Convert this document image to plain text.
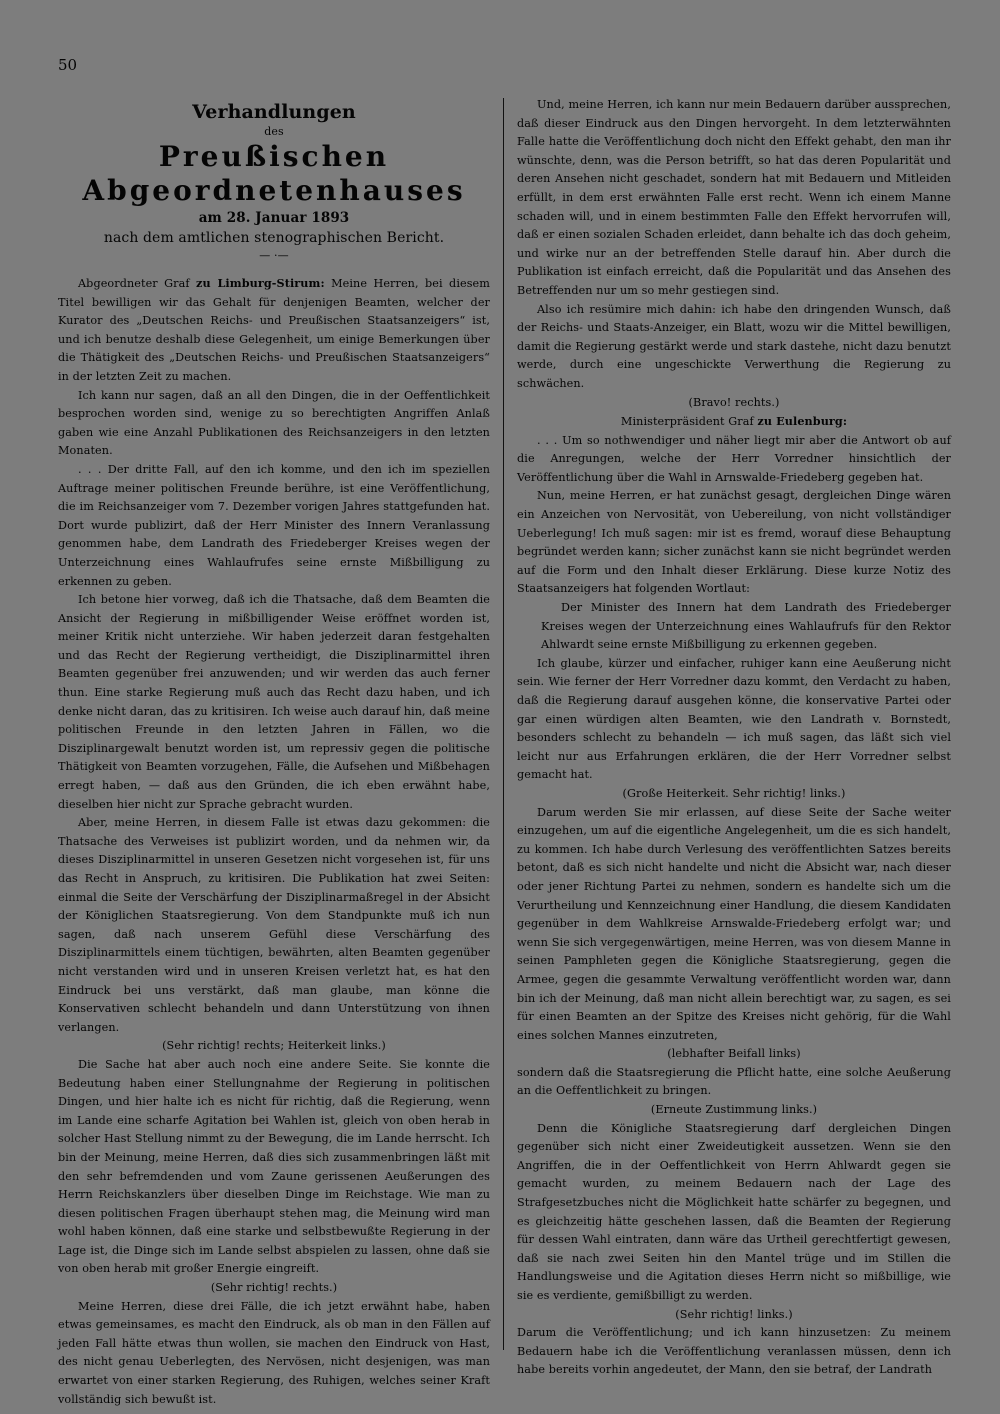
50
Verhandlungen
des
Preußischen Abgeordnetenhauses
am 28. Januar 1893
nach dem amtlichen stenographischen Bericht.
— ·—

Abgeordneter Graf zu Limburg-Stirum: Meine Herren, bei diesem Titel bewilligen wir das Gehalt für denjenigen Beamten, welcher der Kurator des „Deutschen Reichs- und Preußischen Staatsanzeigers“ ist, und ich benutze deshalb diese Gelegenheit, um einige Bemerkungen über die Thätigkeit des „Deutschen Reichs- und Preußischen Staatsanzeigers“ in der letzten Zeit zu machen.

Ich kann nur sagen, daß an all den Dingen, die in der Oeffentlichkeit besprochen worden sind, wenige zu so berechtigten Angriffen Anlaß gaben wie eine Anzahl Publikationen des Reichsanzeigers in den letzten Monaten.

. . . Der dritte Fall, auf den ich komme, und den ich im speziellen Auftrage meiner politischen Freunde berühre, ist eine Veröffentlichung, die im Reichsanzeiger vom 7. Dezember vorigen Jahres stattgefunden hat. Dort wurde publizirt, daß der Herr Minister des Innern Veranlassung genommen habe, dem Landrath des Friedeberger Kreises wegen der Unterzeichnung eines Wahlaufrufes seine ernste Mißbilligung zu erkennen zu geben.

Ich betone hier vorweg, daß ich die Thatsache, daß dem Beamten die Ansicht der Regierung in mißbilligender Weise eröffnet worden ist, meiner Kritik nicht unterziehe. Wir haben jederzeit daran festgehalten und das Recht der Regierung vertheidigt, die Disziplinarmittel ihren Beamten gegenüber frei anzuwenden; und wir werden das auch ferner thun. Eine starke Regierung muß auch das Recht dazu haben, und ich denke nicht daran, das zu kritisiren. Ich weise auch darauf hin, daß meine politischen Freunde in den letzten Jahren in Fällen, wo die Disziplinargewalt benutzt worden ist, um repressiv gegen die politische Thätigkeit von Beamten vorzugehen, Fälle, die Aufsehen und Mißbehagen erregt haben, — daß aus den Gründen, die ich eben erwähnt habe, dieselben hier nicht zur Sprache gebracht wurden.

Aber, meine Herren, in diesem Falle ist etwas dazu gekommen: die Thatsache des Verweises ist publizirt worden, und da nehmen wir, da dieses Disziplinarmittel in unseren Gesetzen nicht vorgesehen ist, für uns das Recht in Anspruch, zu kritisiren. Die Publikation hat zwei Seiten: einmal die Seite der Verschärfung der Disziplinarmaßregel in der Absicht der Königlichen Staatsregierung. Von dem Standpunkte muß ich nun sagen, daß nach unserem Gefühl diese Verschärfung des Disziplinarmittels einem tüchtigen, bewährten, alten Beamten gegenüber nicht verstanden wird und in unseren Kreisen verletzt hat, es hat den Eindruck bei uns verstärkt, daß man glaube, man könne die Konservativen schlecht behandeln und dann Unterstützung von ihnen verlangen.

(Sehr richtig! rechts; Heiterkeit links.)

Die Sache hat aber auch noch eine andere Seite. Sie konnte die Bedeutung haben einer Stellungnahme der Regierung in politischen Dingen, und hier halte ich es nicht für richtig, daß die Regierung, wenn im Lande eine scharfe Agitation bei Wahlen ist, gleich von oben herab in solcher Hast Stellung nimmt zu der Bewegung, die im Lande herrscht. Ich bin der Meinung, meine Herren, daß dies sich zusammenbringen läßt mit den sehr befremdenden und vom Zaune gerissenen Aeußerungen des Herrn Reichskanzlers über dieselben Dinge im Reichstage. Wie man zu diesen politischen Fragen überhaupt stehen mag, die Meinung wird man wohl haben können, daß eine starke und selbstbewußte Regierung in der Lage ist, die Dinge sich im Lande selbst abspielen zu lassen, ohne daß sie von oben herab mit großer Energie eingreift.

(Sehr richtig! rechts.)

Meine Herren, diese drei Fälle, die ich jetzt erwähnt habe, haben etwas gemeinsames, es macht den Eindruck, als ob man in den Fällen auf jeden Fall hätte etwas thun wollen, sie machen den Eindruck von Hast, des nicht genau Ueberlegten, des Nervösen, nicht desjenigen, was man erwartet von einer starken Regierung, des Ruhigen, welches seiner Kraft vollständig sich bewußt ist.

Und, meine Herren, ich kann nur mein Bedauern darüber aussprechen, daß dieser Eindruck aus den Dingen hervorgeht. In dem letzterwähnten Falle hatte die Veröffentlichung doch nicht den Effekt gehabt, den man ihr wünschte, denn, was die Person betrifft, so hat das deren Popularität und deren Ansehen nicht geschadet, sondern hat mit Bedauern und Mitleiden erfüllt, in dem erst erwähnten Falle erst recht. Wenn ich einem Manne schaden will, und in einem bestimmten Falle den Effekt hervorrufen will, daß er einen sozialen Schaden erleidet, dann behalte ich das doch geheim, und wirke nur an der betreffenden Stelle darauf hin. Aber durch die Publikation ist einfach erreicht, daß die Popularität und das Ansehen des Betreffenden nur um so mehr gestiegen sind.

Also ich resümire mich dahin: ich habe den dringenden Wunsch, daß der Reichs- und Staats-Anzeiger, ein Blatt, wozu wir die Mittel bewilligen, damit die Regierung gestärkt werde und stark dastehe, nicht dazu benutzt werde, durch eine ungeschickte Verwerthung die Regierung zu schwächen.

(Bravo! rechts.)

Ministerpräsident Graf zu Eulenburg:

. . . Um so nothwendiger und näher liegt mir aber die Antwort ob auf die Anregungen, welche der Herr Vorredner hinsichtlich der Veröffentlichung über die Wahl in Arnswalde-Friedeberg gegeben hat.

Nun, meine Herren, er hat zunächst gesagt, dergleichen Dinge wären ein Anzeichen von Nervosität, von Uebereilung, von nicht vollständiger Ueberlegung! Ich muß sagen: mir ist es fremd, worauf diese Behauptung begründet werden kann; sicher zunächst kann sie nicht begründet werden auf die Form und den Inhalt dieser Erklärung. Diese kurze Notiz des Staatsanzeigers hat folgenden Wortlaut:

Der Minister des Innern hat dem Landrath des Friedeberger Kreises wegen der Unterzeichnung eines Wahlaufrufs für den Rektor Ahlwardt seine ernste Mißbilligung zu erkennen gegeben.

Ich glaube, kürzer und einfacher, ruhiger kann eine Aeußerung nicht sein. Wie ferner der Herr Vorredner dazu kommt, den Verdacht zu haben, daß die Regierung darauf ausgehen könne, die konservative Partei oder gar einen würdigen alten Beamten, wie den Landrath v. Bornstedt, besonders schlecht zu behandeln — ich muß sagen, das läßt sich viel leicht nur aus Erfahrungen erklären, die der Herr Vorredner selbst gemacht hat.

(Große Heiterkeit. Sehr richtig! links.)

Darum werden Sie mir erlassen, auf diese Seite der Sache weiter einzugehen, um auf die eigentliche Angelegenheit, um die es sich handelt, zu kommen. Ich habe durch Verlesung des veröffentlichten Satzes bereits betont, daß es sich nicht handelte und nicht die Absicht war, nach dieser oder jener Richtung Partei zu nehmen, sondern es handelte sich um die Verurtheilung und Kennzeichnung einer Handlung, die diesem Kandidaten gegenüber in dem Wahlkreise Arnswalde-Friedeberg erfolgt war; und wenn Sie sich vergegenwärtigen, meine Herren, was von diesem Manne in seinen Pamphleten gegen die Königliche Staatsregierung, gegen die Armee, gegen die gesammte Verwaltung veröffentlicht worden war, dann bin ich der Meinung, daß man nicht allein berechtigt war, zu sagen, es sei für einen Beamten an der Spitze des Kreises nicht gehörig, für die Wahl eines solchen Mannes einzutreten,

(lebhafter Beifall links)

sondern daß die Staatsregierung die Pflicht hatte, eine solche Aeußerung an die Oeffentlichkeit zu bringen.

(Erneute Zustimmung links.)

Denn die Königliche Staatsregierung darf dergleichen Dingen gegenüber sich nicht einer Zweideutigkeit aussetzen. Wenn sie den Angriffen, die in der Oeffentlichkeit von Herrn Ahlwardt gegen sie gemacht wurden, zu meinem Bedauern nach der Lage des Strafgesetzbuches nicht die Möglichkeit hatte schärfer zu begegnen, und es gleichzeitig hätte geschehen lassen, daß die Beamten der Regierung für dessen Wahl eintraten, dann wäre das Urtheil gerechtfertigt gewesen, daß sie nach zwei Seiten hin den Mantel trüge und im Stillen die Handlungsweise und die Agitation dieses Herrn nicht so mißbillige, wie sie es verdiente, gemißbilligt zu werden.

(Sehr richtig! links.)

Darum die Veröffentlichung; und ich kann hinzusetzen: Zu meinem Bedauern habe ich die Veröffentlichung veranlassen müssen, denn ich habe bereits vorhin angedeutet, der Mann, den sie betraf, der Landrath
